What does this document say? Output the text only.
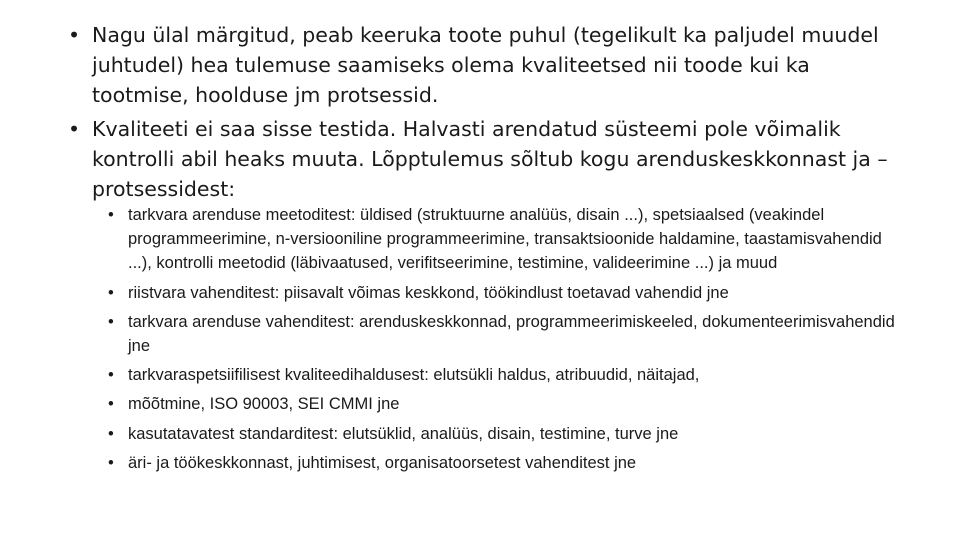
• Nagu ülal märgitud, peab keeruka toote puhul (tegelikult ka paljudel muudel juhtudel) hea tulemuse saamiseks olema kvaliteetsed nii toode kui ka tootmise, hoolduse jm protsessid.
• Kvaliteeti ei saa sisse testida. Halvasti arendatud süsteemi pole võimalik kontrolli abil heaks muuta. Lõpptulemus sõltub kogu arenduskeskkonnast ja –protsessidest:
• tarkvara arenduse meetoditest: üldised (struktuurne analüüs, disain ...), spetsiaalsed (veakindel programmeerimine, n-versiooniline programmeerimine, transaktsioonide haldamine, taastamisvahendid ...), kontrolli meetodid (läbivaatused, verifitseerimine, testimine, valideerimine ...) ja muud
• riistvara vahenditest: piisavalt võimas keskkond, töökindlust toetavad vahendid jne
• tarkvara arenduse vahenditest: arenduskeskkonnad, programmeerimiskeeled, dokumenteerimisvahendid jne
• tarkvaraspetsiifilisest kvaliteedihaldusest: elutsükli haldus, atribuudid, näitajad,
• mõõtmine, ISO 90003, SEI CMMI jne
• kasutatavatest standarditest: elutsüklid, analüüs, disain, testimine, turve jne
• äri- ja töökeskkonnast, juhtimisest, organisatoorsetest vahenditest jne
